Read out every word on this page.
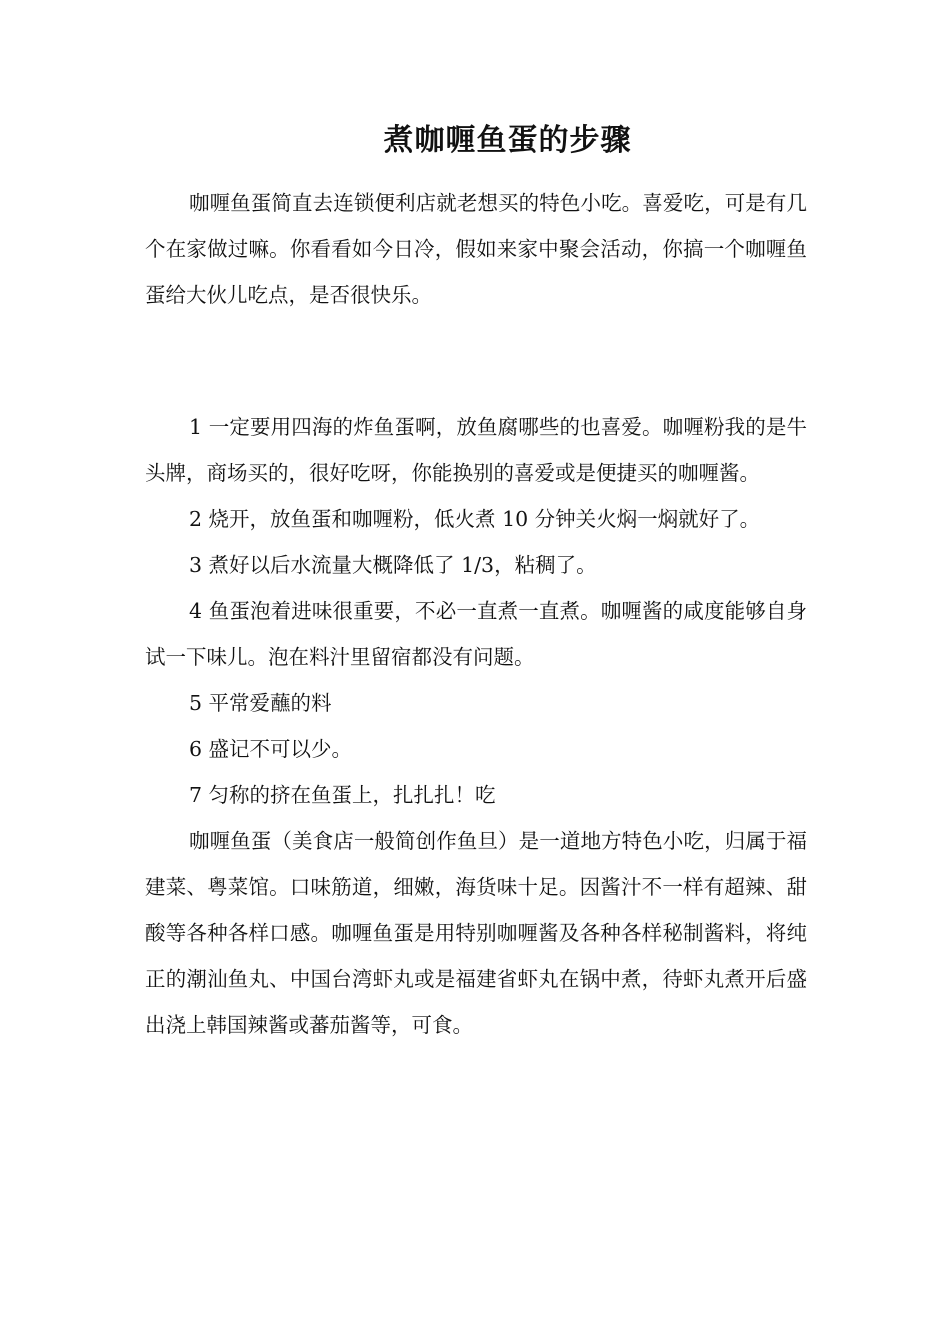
煮咖喱鱼蛋的步骤

咖喱鱼蛋简直去连锁便利店就老想买的特色小吃。喜爱吃，可是有几个在家做过嘛。你看看如今日冷，假如来家中聚会活动，你搞一个咖喱鱼蛋给大伙儿吃点，是否很快乐。

1 一定要用四海的炸鱼蛋啊，放鱼腐哪些的也喜爱。咖喱粉我的是牛头牌，商场买的，很好吃呀，你能换别的喜爱或是便捷买的咖喱酱。

2 烧开，放鱼蛋和咖喱粉，低火煮 10 分钟关火焖一焖就好了。

3 煮好以后水流量大概降低了 1/3，粘稠了。

4 鱼蛋泡着进味很重要，不必一直煮一直煮。咖喱酱的咸度能够自身试一下味儿。泡在料汁里留宿都没有问题。

5 平常爱蘸的料

6 盛记不可以少。

7 匀称的挤在鱼蛋上，扎扎扎！吃

咖喱鱼蛋（美食店一般简创作鱼旦）是一道地方特色小吃，归属于福建菜、粤菜馆。口味筋道，细嫩，海货味十足。因酱汁不一样有超辣、甜酸等各种各样口感。咖喱鱼蛋是用特别咖喱酱及各种各样秘制酱料，将纯正的潮汕鱼丸、中国台湾虾丸或是福建省虾丸在锅中煮，待虾丸煮开后盛出浇上韩国辣酱或蕃茄酱等，可食。
